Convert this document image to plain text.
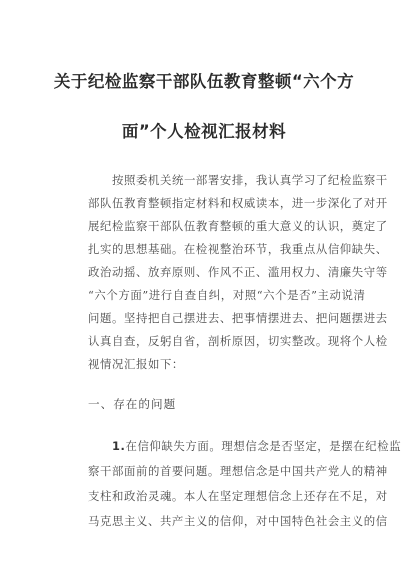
关于纪检监察干部队伍教育整顿“六个方
面”个人检视汇报材料
按照委机关统一部署安排，我认真学习了纪检监察干
部队伍教育整顿指定材料和权威读本，进一步深化了对开
展纪检监察干部队伍教育整顿的重大意义的认识，奠定了
扎实的思想基础。在检视整治环节，我重点从信仰缺失、
政治动摇、放弃原则、作风不正、滥用权力、清廉失守等
“六个方面”进行自查自纠，对照“六个是否”主动说清
问题。坚持把自己摆进去、把事情摆进去、把问题摆进去
认真自查，反躬自省，剖析原因，切实整改。现将个人检
一、存在的问题
1.在信仰缺失方面。理想信念是否坚定，是摆在纪检监
察干部面前的首要问题。理想信念是中国共产党人的精神
支柱和政治灵魂。本人在坚定理想信念上还存在不足，对
马克思主义、共产主义的信仰，对中国特色社会主义的信
视情况汇报如下：
